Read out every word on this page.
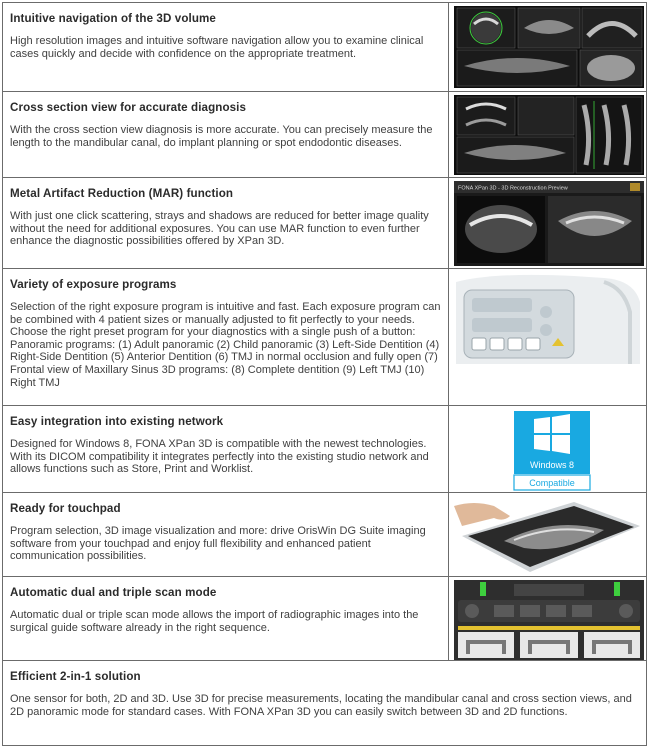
Intuitive navigation of the 3D volume

High resolution images and intuitive software navigation allow you to examine clinical cases quickly and decide with confidence on the appropriate treatment.

Cross section view for accurate diagnosis

With the cross section view diagnosis is more accurate. You can precisely measure the length to the mandibular canal, do implant planning or spot endodontic diseases.

Metal Artifact Reduction (MAR) function

With just one click scattering, strays and shadows are reduced for better image quality without the need for additional exposures. You can use MAR function to even further enhance the diagnostic possibilities offered by XPan 3D.

FONA XPan 3D - 3D Reconstruction Preview
Variety of exposure programs

Selection of the right exposure program is intuitive and fast. Each exposure program can be combined with 4 patient sizes or manually adjusted to fit perfectly to your needs. Choose the right preset program for your diagnostics with a single push of a button: Panoramic programs: (1) Adult panoramic (2) Child panoramic (3) Left-Side Dentition (4) Right-Side Dentition (5) Anterior Dentition (6) TMJ in normal occlusion and fully open (7) Frontal view of Maxillary Sinus 3D programs: (8) Complete dentition (9) Left TMJ (10) Right TMJ

Easy integration into existing network

Designed for Windows 8, FONA XPan 3D is compatible with the newest technologies. With its DICOM compatibility it integrates perfectly into the existing studio network and allows functions such as Store, Print and Worklist.	Windows 8
Compatible
Ready for touchpad

Program selection, 3D image visualization and more: drive OrisWin DG Suite imaging software from your touchpad and enjoy full flexibility and enhanced patient communication possibilities.

Automatic dual and triple scan mode

Automatic dual or triple scan mode allows the import of radiographic images into the surgical guide software already in the right sequence.

Efficient 2-in-1 solution

One sensor for both, 2D and 3D. Use 3D for precise measurements, locating the mandibular canal and cross section views, and 2D panoramic mode for standard cases. With FONA XPan 3D you can easily switch between 3D and 2D functions.
